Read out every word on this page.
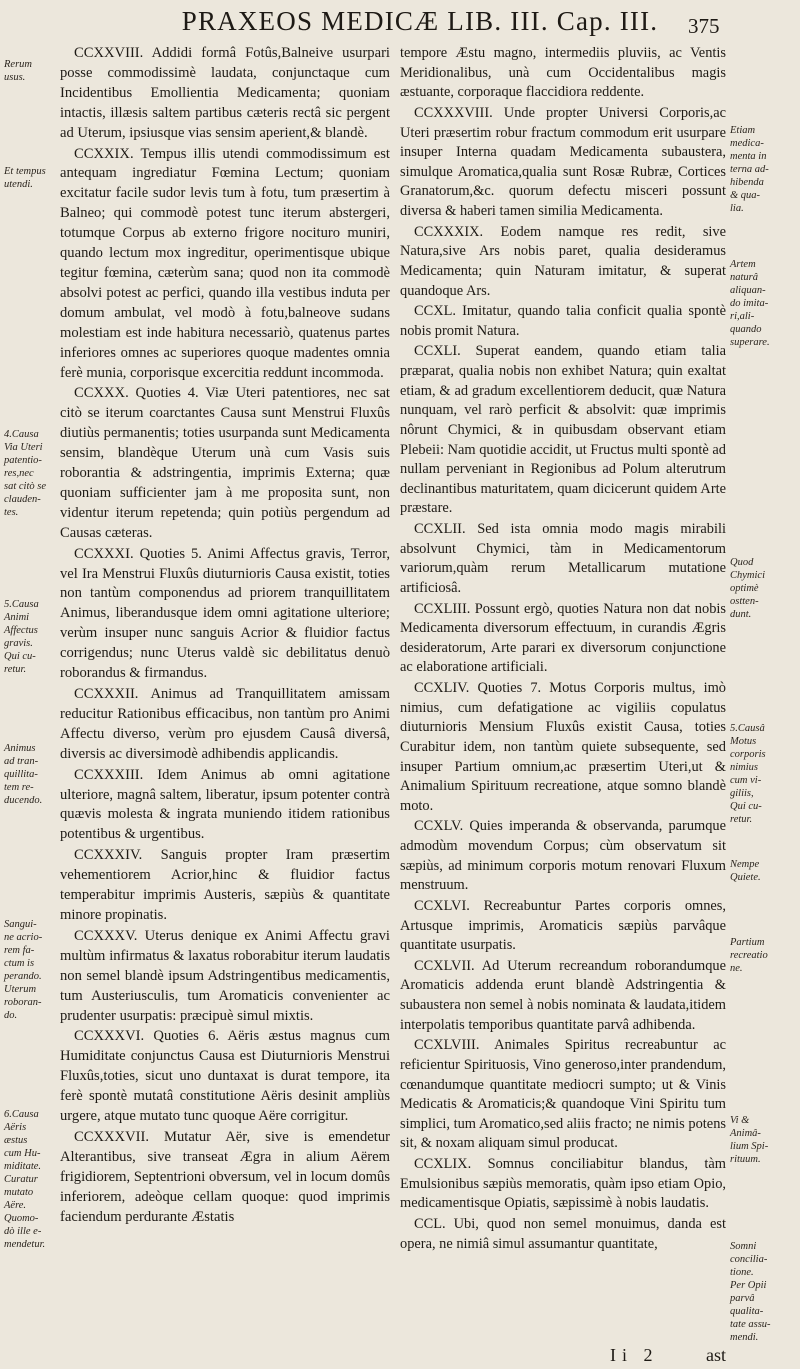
PRAXEOS MEDICÆ LIB. III. Cap. III.	375

CCXXVIII. Addidi formâ Fotûs,Balneive usurpari posse commodissimè laudata, conjunctaque cum Incidentibus Emollientia Medicamenta; quoniam intactis, illæsis saltem partibus cæteris rectâ sic pergent ad Uterum, ipsiusque vias sensim aperient,& blandè.

CCXXIX. Tempus illis utendi commodissimum est antequam ingrediatur Fœmina Lectum; quoniam excitatur facile sudor levis tum à fotu, tum præsertim à Balneo; qui commodè potest tunc iterum abstergeri, totumque Corpus ab externo frigore nociturо muniri, quando lectum mox ingreditur, operimentisque ubique tegitur fœmina, cæterùm sana; quod non ita commodè absolvi potest ac perfici, quando illa vestibus induta per domum ambulat, vel modò à fotu,balneove sudans molestiam est inde habitura necessariò, quatenus partes inferiores omnes ac superiores quoque madentes omnia ferè munia, corporisque excercitia reddunt incommoda.

CCXXX. Quoties 4. Viæ Uteri patentiores, nec sat citò se iterum coarctantes Causa sunt Menstrui Fluxûs diutiùs permanentis; toties usurpanda sunt Medicamenta sensim, blandèque Uterum unà cum Vasis suis roborantia & adstringentia, imprimis Externa; quæ quoniam sufficienter jam à me proposita sunt, non videntur iterum repetenda; quin potiùs pergendum ad Causas cæteras.

CCXXXI. Quoties 5. Animi Affectus gravis, Terror, vel Ira Menstrui Fluxûs diuturnioris Causa existit, toties non tantùm componendus ad priorem tranquillitatem Animus, liberandusque idem omni agitatione ulteriore; verùm insuper nunc sanguis Acrior & fluidior factus corrigendus; nunc Uterus valdè sic debilitatus denuò roborandus & firmandus.

CCXXXII. Animus ad Tranquillitatem amissam reducitur Rationibus efficacibus, non tantùm pro Animi Affectu diverso, verùm pro ejusdem Causâ diversâ, diversis ac diversimodè adhibendis applicandis.

CCXXXIII. Idem Animus ab omni agitatione ulteriore, magnâ saltem, liberatur, ipsum potenter contrà quævis molesta & ingrata muniendo itidem rationibus potentibus & urgentibus.

CCXXXIV. Sanguis propter Iram præsertim vehementiorem Acrior,hinc & fluidior factus temperabitur imprimis Austeris, sæpiùs & quantitate minore propinatis.

CCXXXV. Uterus denique ex Animi Affectu gravi multùm infirmatus & laxatus roborabitur iterum laudatis non semel blandè ipsum Adstringentibus medicamentis, tum Austeriusculis, tum Aromaticis convenienter ac prudenter usurpatis: præcipuè simul mixtis.

CCXXXVI. Quoties 6. Aëris æstus magnus cum Humiditate conjunctus Causa est Diuturnioris Menstrui Fluxûs,toties, sicut uno duntaxat is durat tempore, ita ferè spontè mutatâ constitutione Aëris desinit ampliùs urgere, atque mutato tunc quoque Aëre corrigitur.

CCXXXVII. Mutatur Aër, sive is emendetur Alterantibus, sive transeat Ægra in alium Aërem frigidiorem, Septentrioni obversum, vel in locum domûs inferiorem, adeòque cellam quoque: quod imprimis faciendum perdurante Æstatis

tempore Æstu magno, intermediis pluviis, ac Ventis Meridionalibus, unà cum Occidentalibus magis æstuante, corporaque flaccidiora reddente.

CCXXXVIII. Unde propter Universi Corporis,ac Uteri præsertim robur fractum commodum erit usurpare insuper Interna quadam Medicamenta subaustera, simulque Aromatica,qualia sunt Rosæ Rubræ, Cortices Granatorum,&c. quorum defectu misceri possunt diversa & haberi tamen similia Medicamenta.

CCXXXIX. Eodem namque res redit, sive Natura,sive Ars nobis paret, qualia desideramus Medicamenta; quin Naturam imitatur, & superat quandoque Ars.

CCXL. Imitatur, quando talia conficit qualia spontè nobis promit Natura.

CCXLI. Superat eandem, quando etiam talia præparat, qualia nobis non exhibet Natura; quin exaltat etiam, & ad gradum excellentiorem deducit, quæ Natura nunquam, vel rarò perficit & absolvit: quæ imprimis nôrunt Chymici, & in quibusdam observant etiam Plebeii: Nam quotidie accidit, ut Fructus multi spontè ad nullam perveniant in Regionibus ad Polum alterutrum declinantibus maturitatem, quam dicicerunt quidem Arte præstare.

CCXLII. Sed ista omnia modo magis mirabili absolvunt Chymici, tàm in Medicamentorum variorum,quàm rerum Metallicarum mutatione artificiosâ.

CCXLIII. Possunt ergò, quoties Natura non dat nobis Medicamenta diversorum effectuum, in curandis Ægris desideratorum, Arte parari ex diversorum conjunctione ac elaboratione artificiali.

CCXLIV. Quoties 7. Motus Corporis multus, imò nimius, cum defatigatione ac vigiliis copulatus diuturnioris Mensium Fluxûs existit Causa, toties Curabitur idem, non tantùm quiete subsequente, sed insuper Partium omnium,ac præsertim Uteri,ut & Animalium Spirituum recreatione, atque somno blandè moto.

CCXLV. Quies imperanda & observanda, parumque admodùm movendum Corpus; cùm observatum sit sæpiùs, ad minimum corporis motum renovari Fluxum menstruum.

CCXLVI. Recreabuntur Partes corporis omnes, Artusque imprimis, Aromaticis sæpiùs parvâque quantitate usurpatis.

CCXLVII. Ad Uterum recreandum roborandumque Aromaticis addenda erunt blandè Adstringentia & subaustera non semel à nobis nominata & laudata,itidem interpolatis temporibus quantitate parvâ adhibenda.

CCXLVIII. Animales Spiritus recreabuntur ac reficientur Spirituosis, Vino generoso,inter prandendum, cœnandumque quantitate mediocri sumpto; ut & Vinis Medicatis & Aromaticis;& quandoque Vini Spiritu tum simplici, tum Aromatico,sed aliis fracto; ne nimis potens sit, & noxam aliquam simul producat.

CCXLIX. Somnus conciliabitur blandus, tàm Emulsionibus sæpiùs memoratis, quàm ipso etiam Opio, medicamentisque Opiatis, sæpissimè à nobis laudatis.

CCL. Ubi, quod non semel monuimus, danda est opera, ne nimiâ simul assumantur quantitate,

Rerum
usus.
Et tempus
utendi.
4.Causa
Via Uteri
patentio-
res,nec
sat citò se
clauden-
tes.
5.Causa
Animi
Affectus
gravis.
Qui cu-
retur.
Animus
ad tran-
quillita-
tem re-
ducendo.
Sangui-
ne acrio-
rem fa-
ctum is
perando.
Uterum
roboran-
do.
6.Causa
Aëris
æstus
cum Hu-
miditate.
Curatur
mutato
Aëre.
Quomo-
dò ille e-
mendetur.
Etiam
medica-
menta in
terna ad-
hibenda
& qua-
lia.
Artem
naturâ
aliquan-
do imita-
ri,ali-
quando
superare.
Quod
Chymici
optimè
ostten-
dunt.
5.Causâ
Motus
corporis
nimius
cum vi-
giliis,
Qui cu-
retur.
Nempe
Quiete.
Partium
recreatio
ne.
Vi &
Animâ-
lium Spi-
rituum.
Somni
concilia-
tione.
Per Opii
parvâ
qualita-
tate assu-
mendi.
Ii 2	ast
